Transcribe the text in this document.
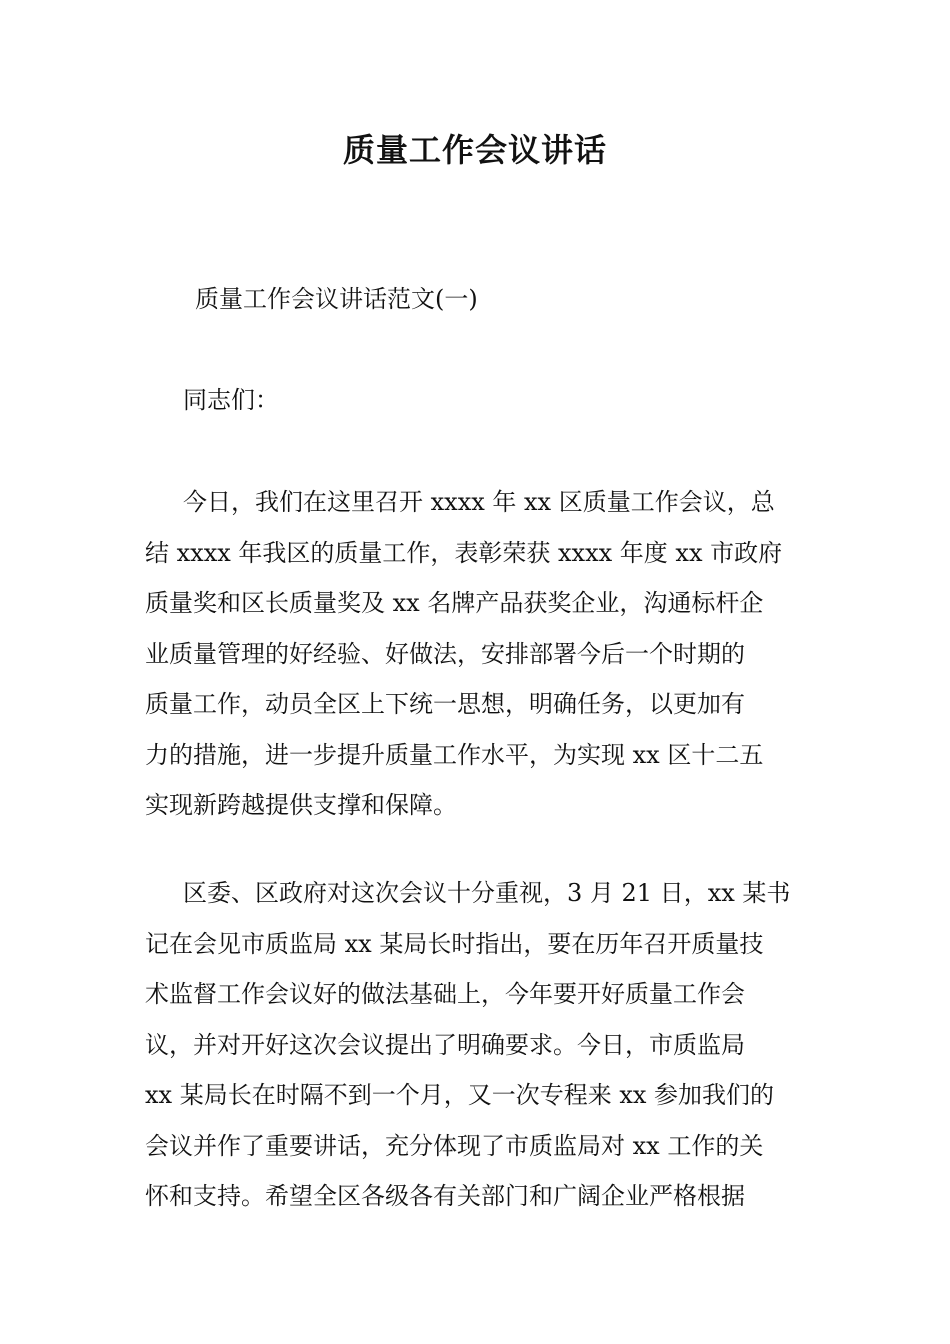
质量工作会议讲话
质量工作会议讲话范文(一)
同志们：
今日，我们在这里召开 xxxx 年 xx 区质量工作会议，总
结 xxxx 年我区的质量工作，表彰荣获 xxxx 年度 xx 市政府
质量奖和区长质量奖及 xx 名牌产品获奖企业，沟通标杆企
业质量管理的好经验、好做法，安排部署今后一个时期的
质量工作，动员全区上下统一思想，明确任务，以更加有
力的措施，进一步提升质量工作水平，为实现 xx 区十二五
实现新跨越提供支撑和保障。
区委、区政府对这次会议十分重视，3 月 21 日，xx 某书
记在会见市质监局 xx 某局长时指出，要在历年召开质量技
术监督工作会议好的做法基础上，今年要开好质量工作会
议，并对开好这次会议提出了明确要求。今日，市质监局
xx 某局长在时隔不到一个月，又一次专程来 xx 参加我们的
会议并作了重要讲话，充分体现了市质监局对 xx 工作的关
怀和支持。希望全区各级各有关部门和广阔企业严格根据
